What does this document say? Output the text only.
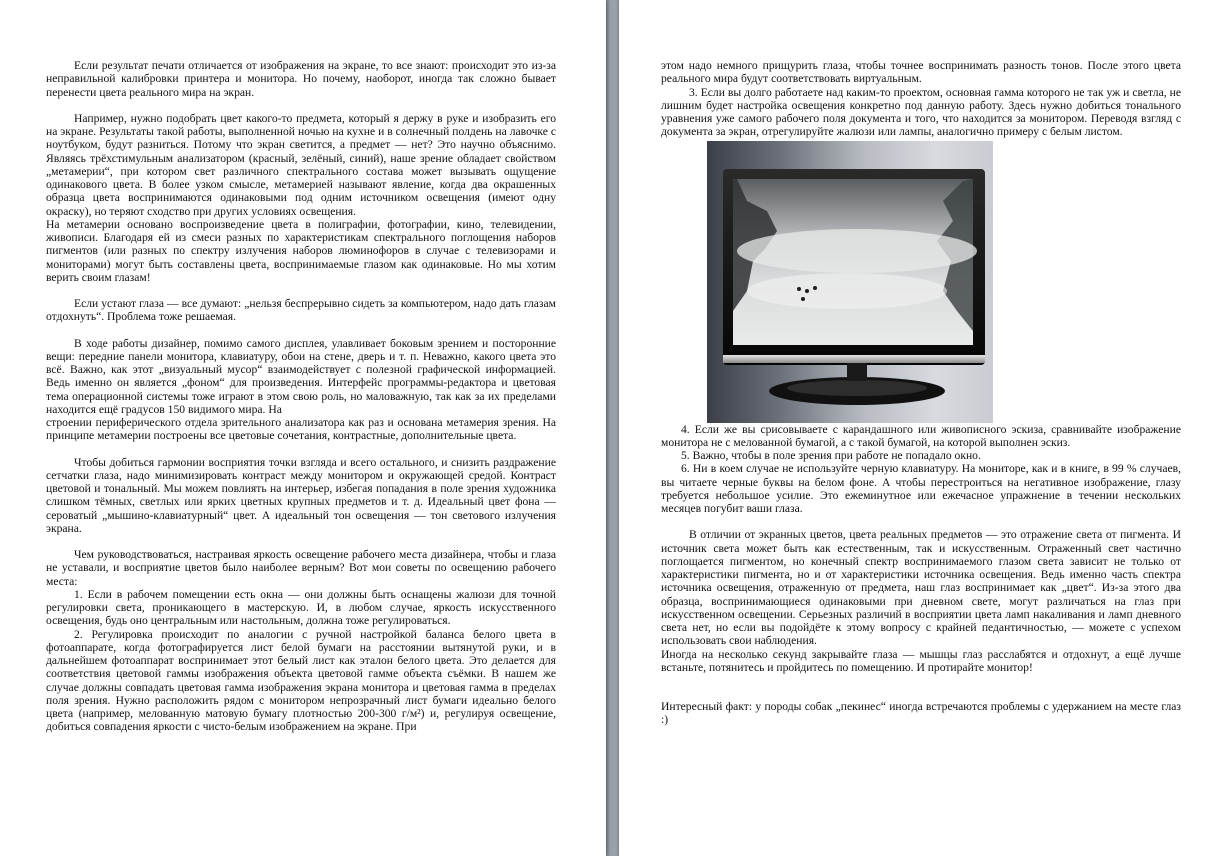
Если результат печати отличается от изображения на экране, то все знают: происходит это из-за неправильной калибровки принтера и монитора. Но почему, наоборот, иногда так сложно бывает перенести цвета реального мира на экран.

Например, нужно подобрать цвет какого-то предмета, который я держу в руке и изобразить его на экране. Результаты такой работы, выполненной ночью на кухне и в солнечный полдень на лавочке с ноутбуком, будут разниться. Потому что экран светится, а предмет — нет? Это научно объяснимо. Являясь трёхстимульным анализатором (красный, зелёный, синий), наше зрение обладает свойством „метамерии“, при котором свет различного спектрального состава может вызывать ощущение одинакового цвета. В более узком смысле, метамерией называют явление, когда два окрашенных образца цвета воспринимаются одинаковыми под одним источником освещения (имеют одну окраску), но теряют сходство при других условиях освещения.

На метамерии основано воспроизведение цвета в полиграфии, фотографии, кино, телевидении, живописи. Благодаря ей из смеси разных по характеристикам спектрального поглощения наборов пигментов (или разных по спектру излучения наборов люминофоров в случае с телевизорами и мониторами) могут быть составлены цвета, воспринимаемые глазом как одинаковые. Но мы хотим верить своим глазам!

Если устают глаза — все думают: „нельзя беспрерывно сидеть за компьютером, надо дать глазам отдохнуть“. Проблема тоже решаемая.

В ходе работы дизайнер, помимо самого дисплея, улавливает боковым зрением и посторонние вещи: передние панели монитора, клавиатуру, обои на стене, дверь и т. п. Неважно, какого цвета это всё. Важно, как этот „визуальный мусор“ взаимодействует с полезной графической информацией. Ведь именно он является „фоном“ для произведения. Интерфейс программы-редактора и цветовая тема операционной системы тоже играют в этом свою роль, но маловажную, так как за их пределами находится ещё градусов 150 видимого мира. На

строении периферического отдела зрительного анализатора как раз и основана метамерия зрения. На принципе метамерии построены все цветовые сочетания, контрастные, дополнительные цвета.

Чтобы добиться гармонии восприятия точки взгляда и всего остального, и снизить раздражение сетчатки глаза, надо минимизировать контраст между монитором и окружающей средой. Контраст цветовой и тональный. Мы можем повлиять на интерьер, избегая попадания в поле зрения художника слишком тёмных, светлых или ярких цветных крупных предметов и т. д. Идеальный цвет фона — сероватый „мышино-клавиатурный“ цвет. А идеальный тон освещения — тон светового излучения экрана.

Чем руководствоваться, настраивая яркость освещение рабочего места дизайнера, чтобы и глаза не уставали, и восприятие цветов было наиболее верным? Вот мои советы по освещению рабочего места:

1. Если в рабочем помещении есть окна — они должны быть оснащены жалюзи для точной регулировки света, проникающего в мастерскую. И, в любом случае, яркость искусственного освещения, будь оно центральным или настольным, должна тоже регулироваться.

2. Регулировка происходит по аналогии с ручной настройкой баланса белого цвета в фотоаппарате, когда фотографируется лист белой бумаги на расстоянии вытянутой руки, и в дальнейшем фотоаппарат воспринимает этот белый лист как эталон белого цвета. Это делается для соответствия цветовой гаммы изображения объекта цветовой гамме объекта съёмки. В нашем же случае должны совпадать цветовая гамма изображения экрана монитора и цветовая гамма в пределах поля зрения. Нужно расположить рядом с монитором непрозрачный лист бумаги идеально белого цвета (например, мелованную матовую бумагу плотностью 200-300 г/м²) и, регулируя освещение, добиться совпадения яркости с чисто-белым изображением на экране. При

этом надо немного прищурить глаза, чтобы точнее воспринимать разность тонов. После этого цвета реального мира будут соответствовать виртуальным.

3. Если вы долго работаете над каким-то проектом, основная гамма которого не так уж и светла, не лишним будет настройка освещения конкретно под данную работу. Здесь нужно добиться тонального уравнения уже самого рабочего поля документа и того, что находится за монитором. Переводя взгляд с документа за экран, отрегулируйте жалюзи или лампы, аналогично примеру с белым листом.

4. Если же вы срисовываете с карандашного или живописного эскиза, сравнивайте изображение монитора не с мелованной бумагой, а с такой бумагой, на которой выполнен эскиз.

5. Важно, чтобы в поле зрения при работе не попадало окно.

6. Ни в коем случае не используйте черную клавиатуру. На мониторе, как и в книге, в 99 % случаев, вы читаете черные буквы на белом фоне. А чтобы перестроиться на негативное изображение, глазу требуется небольшое усилие. Это ежеминутное или ежечасное упражнение в течении нескольких месяцев погубит ваши глаза.

В отличии от экранных цветов, цвета реальных предметов — это отражение света от пигмента. И источник света может быть как естественным, так и искусственным. Отраженный свет частично поглощается пигментом, но конечный спектр воспринимаемого глазом света зависит не только от характеристики пигмента, но и от характеристики источника освещения. Ведь именно часть спектра источника освещения, отраженную от предмета, наш глаз воспринимает как „цвет“. Из-за этого два образца, воспринимающиеся одинаковыми при дневном свете, могут различаться на глаз при искусственном освещении. Серьезных различий в восприятии цвета ламп накаливания и ламп дневного света нет, но если вы подойдёте к этому вопросу с крайней педантичностью, — можете с успехом использовать свои наблюдения.

Иногда на несколько секунд закрывайте глаза — мышцы глаз расслабятся и отдохнут, а ещё лучше встаньте, потянитесь и пройдитесь по помещению. И протирайте монитор!

Интересный факт: у породы собак „пекинес“ иногда встречаются проблемы с удержанием на месте глаз :)
